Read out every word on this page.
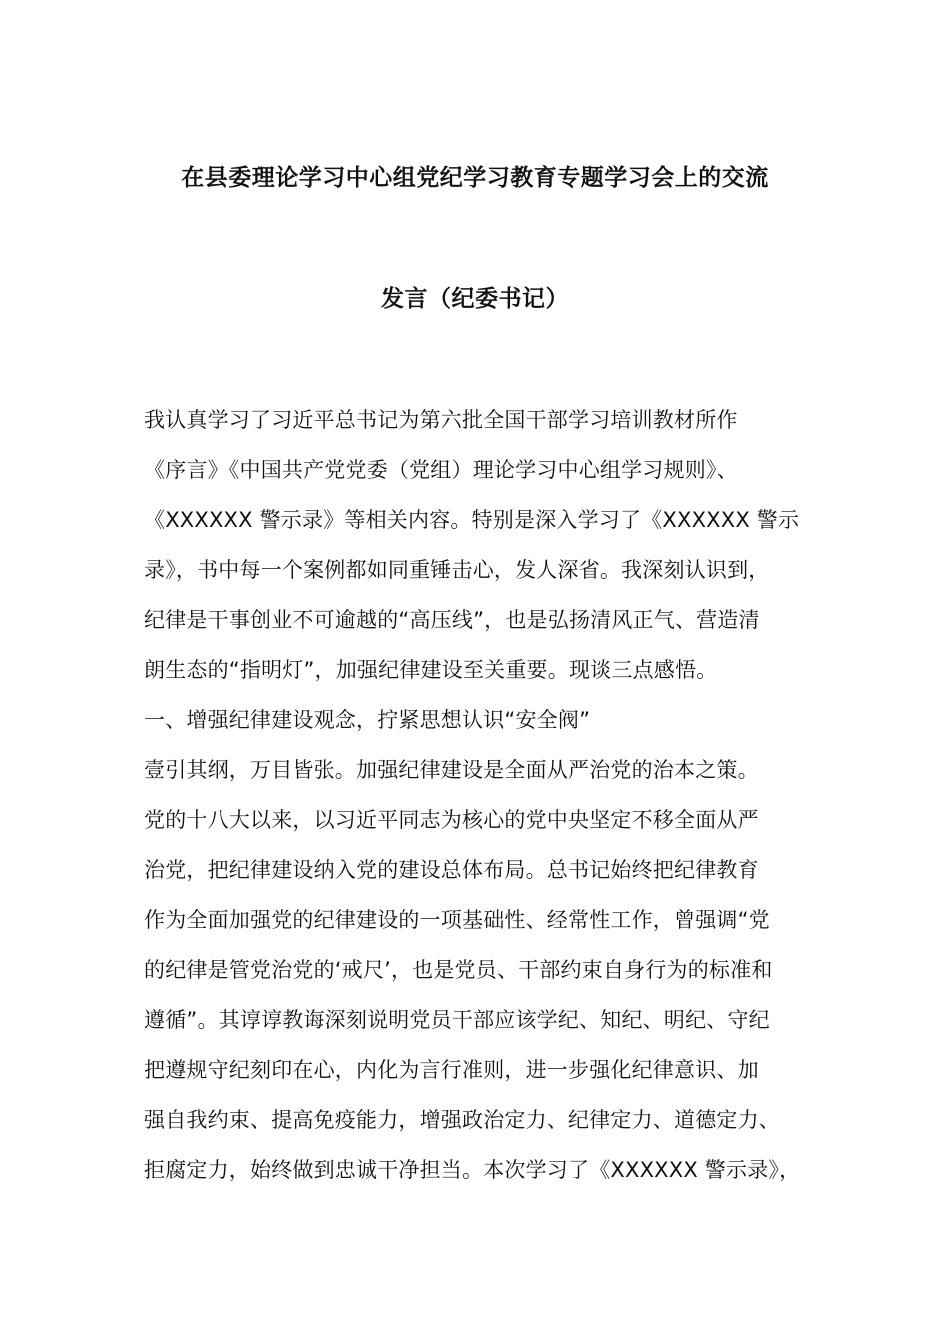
在县委理论学习中心组党纪学习教育专题学习会上的交流
发言（纪委书记）
我认真学习了习近平总书记为第六批全国干部学习培训教材所作
《序言》《中国共产党党委（党组）理论学习中心组学习规则》、
《XXXXXX 警示录》等相关内容。特别是深入学习了《XXXXXX 警示
录》，书中每一个案例都如同重锤击心，发人深省。我深刻认识到，
纪律是干事创业不可逾越的“高压线”，也是弘扬清风正气、营造清
朗生态的“指明灯”，加强纪律建设至关重要。现谈三点感悟。
一、增强纪律建设观念，拧紧思想认识“安全阀”
壹引其纲，万目皆张。加强纪律建设是全面从严治党的治本之策。
党的十八大以来，以习近平同志为核心的党中央坚定不移全面从严
治党，把纪律建设纳入党的建设总体布局。总书记始终把纪律教育
作为全面加强党的纪律建设的一项基础性、经常性工作，曾强调“党
的纪律是管党治党的‘戒尺’，也是党员、干部约束自身行为的标准和
遵循”。其谆谆教诲深刻说明党员干部应该学纪、知纪、明纪、守纪
把遵规守纪刻印在心，内化为言行准则，进一步强化纪律意识、加
强自我约束、提高免疫能力，增强政治定力、纪律定力、道德定力、
拒腐定力，始终做到忠诚干净担当。本次学习了《XXXXXX 警示录》，
